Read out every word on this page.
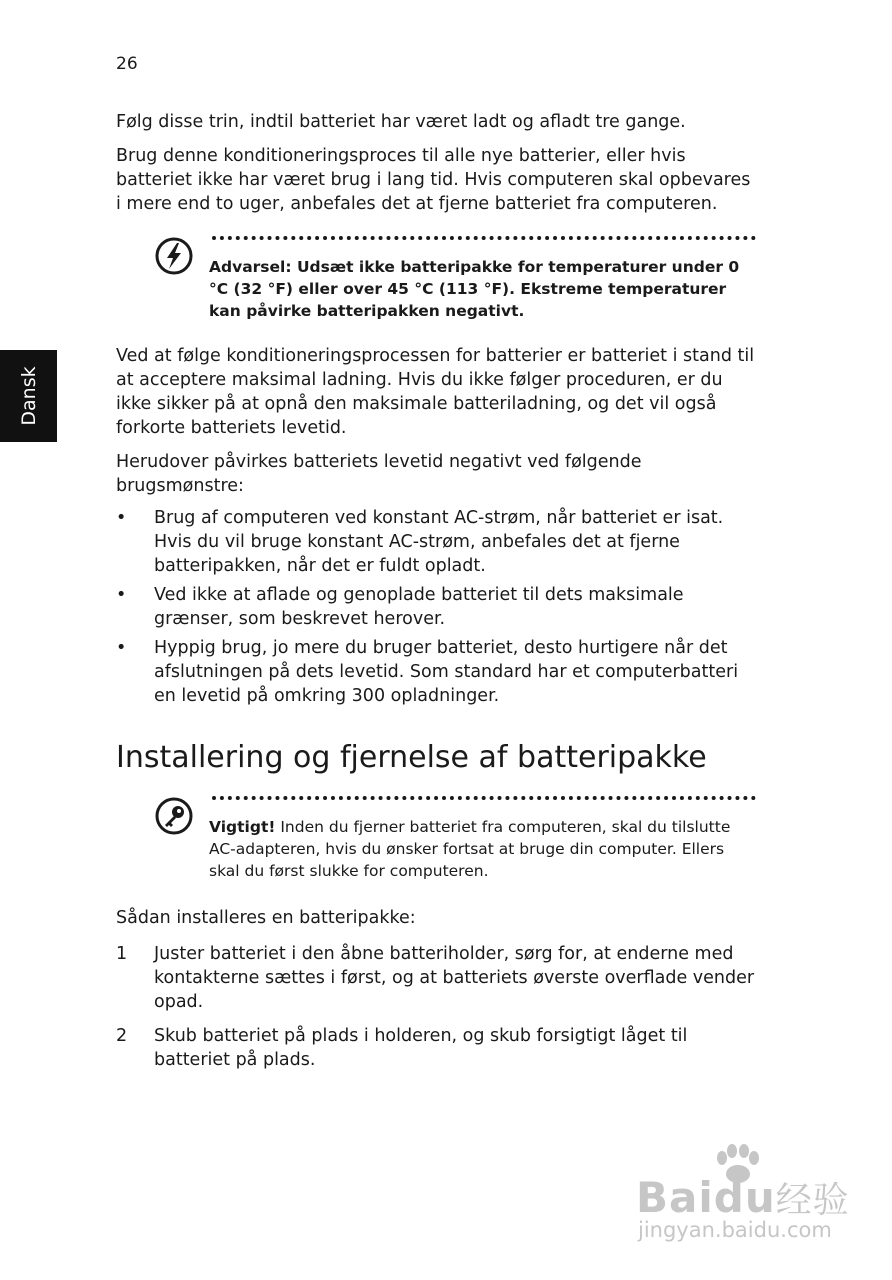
26
Dansk

Følg disse trin, indtil batteriet har været ladt og afladt tre gange.

Brug denne konditioneringsproces til alle nye batterier, eller hvis batteriet ikke har været brug i lang tid. Hvis computeren skal opbevares i mere end to uger, anbefales det at fjerne batteriet fra computeren.

Advarsel: Udsæt ikke batteripakke for temperaturer under 0 °C (32 °F) eller over 45 °C (113 °F). Ekstreme temperaturer kan påvirke batteripakken negativt.

Ved at følge konditioneringsprocessen for batterier er batteriet i stand til at acceptere maksimal ladning. Hvis du ikke følger proceduren, er du ikke sikker på at opnå den maksimale batteriladning, og det vil også forkorte batteriets levetid.

Herudover påvirkes batteriets levetid negativt ved følgende brugsmønstre:

• Brug af computeren ved konstant AC-strøm, når batteriet er isat. Hvis du vil bruge konstant AC-strøm, anbefales det at fjerne batteripakken, når det er fuldt opladt.
• Ved ikke at aflade og genoplade batteriet til dets maksimale grænser, som beskrevet herover.
• Hyppig brug, jo mere du bruger batteriet, desto hurtigere når det afslutningen på dets levetid. Som standard har et computerbatteri en levetid på omkring 300 opladninger.
Installering og fjernelse af batteripakke
Vigtigt! Inden du fjerner batteriet fra computeren, skal du tilslutte AC-adapteren, hvis du ønsker fortsat at bruge din computer. Ellers skal du først slukke for computeren.

Sådan installeres en batteripakke:

1 Juster batteriet i den åbne batteriholder, sørg for, at enderne med kontakterne sættes i først, og at batteriets øverste overflade vender opad.
2 Skub batteriet på plads i holderen, og skub forsigtigt låget til batteriet på plads.
Baidu经验
jingyan.baidu.com
